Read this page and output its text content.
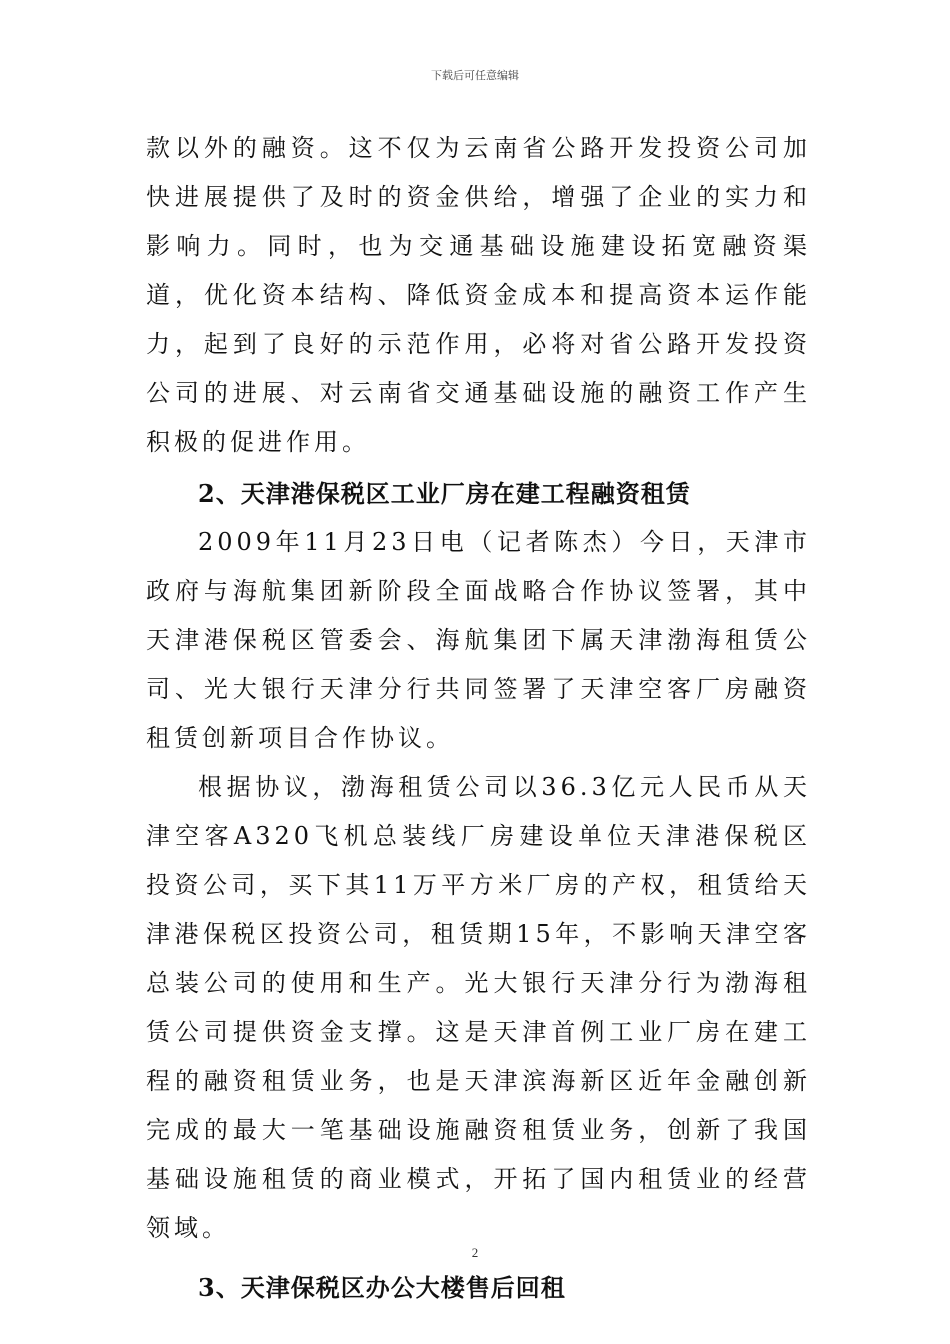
下载后可任意编辑

款以外的融资。这不仅为云南省公路开发投资公司加快进展提供了及时的资金供给，增强了企业的实力和影响力。同时，也为交通基础设施建设拓宽融资渠道，优化资本结构、降低资金成本和提高资本运作能力，起到了良好的示范作用，必将对省公路开发投资公司的进展、对云南省交通基础设施的融资工作产生积极的促进作用。

2、天津港保税区工业厂房在建工程融资租赁

2009年11月23日电（记者陈杰）今日，天津市政府与海航集团新阶段全面战略合作协议签署，其中天津港保税区管委会、海航集团下属天津渤海租赁公司、光大银行天津分行共同签署了天津空客厂房融资租赁创新项目合作协议。

根据协议，渤海租赁公司以36.3亿元人民币从天津空客A320飞机总装线厂房建设单位天津港保税区投资公司，买下其11万平方米厂房的产权，租赁给天津港保税区投资公司，租赁期15年，不影响天津空客总装公司的使用和生产。光大银行天津分行为渤海租赁公司提供资金支撑。这是天津首例工业厂房在建工程的融资租赁业务，也是天津滨海新区近年金融创新完成的最大一笔基础设施融资租赁业务，创新了我国基础设施租赁的商业模式，开拓了国内租赁业的经营领域。

3、天津保税区办公大楼售后回租
2
